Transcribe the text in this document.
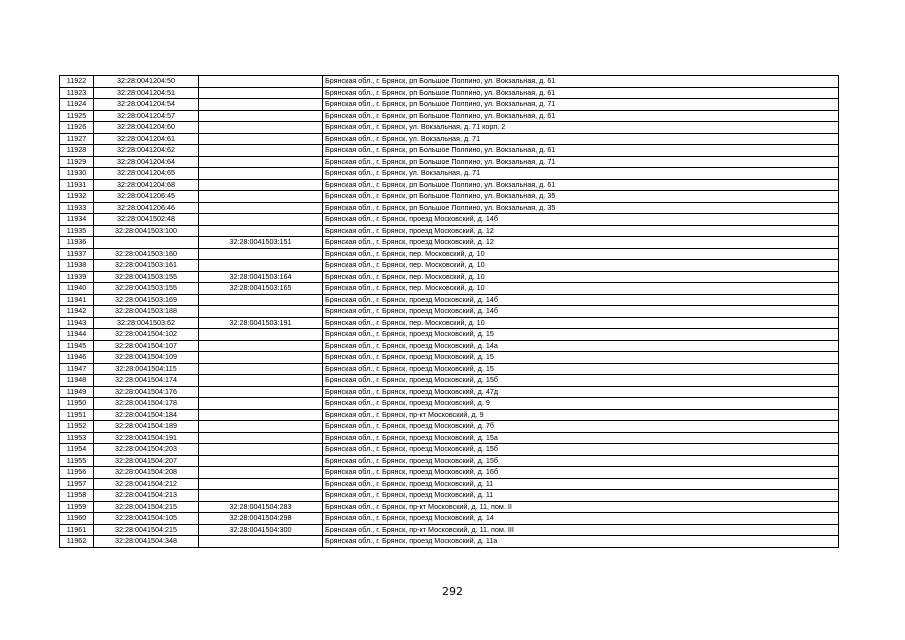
11922	32:28:0041204:50		Брянская обл., г. Брянск, рп Большое Полпино, ул. Вокзальная, д. 61
11923	32:28:0041204:51		Брянская обл., г. Брянск, рп Большое Полпино, ул. Вокзальная, д. 61
11924	32:28:0041204:54		Брянская обл., г. Брянск, рп Большое Полпино, ул. Вокзальная, д. 71
11925	32:28:0041204:57		Брянская обл., г. Брянск, рп Большое Полпино, ул. Вокзальная, д. 61
11926	32:28:0041204:60		Брянская обл., г. Брянск, ул. Вокзальная, д. 71 корп. 2
11927	32:28:0041204:61		Брянская обл., г. Брянск, ул. Вокзальная, д. 71
11928	32:28:0041204:62		Брянская обл., г. Брянск, рп Большое Полпино, ул. Вокзальная, д. 61
11929	32:28:0041204:64		Брянская обл., г. Брянск, рп Большое Полпино, ул. Вокзальная, д. 71
11930	32:28:0041204:65		Брянская обл., г. Брянск, ул. Вокзальная, д. 71
11931	32:28:0041204:68		Брянская обл., г. Брянск, рп Большое Полпино, ул. Вокзальная, д. 61
11932	32:28:0041206:45		Брянская обл., г. Брянск, рп Большое Полпино, ул. Вокзальная, д. 35
11933	32:28:0041206:46		Брянская обл., г. Брянск, рп Большое Полпино, ул. Вокзальная, д. 35
11934	32:28:0041502:48		Брянская обл., г. Брянск, проезд Московский, д. 14б
11935	32:28:0041503:100		Брянская обл., г. Брянск, проезд Московский, д. 12
11936		32:28:0041503:151	Брянская обл., г. Брянск, проезд Московский, д. 12
11937	32:28:0041503:160		Брянская обл., г. Брянск, пер. Московский, д. 10
11938	32:28:0041503:161		Брянская обл., г. Брянск, пер. Московский, д. 10
11939	32:28:0041503:155	32:28:0041503:164	Брянская обл., г. Брянск, пер. Московский, д. 10
11940	32:28:0041503:155	32:28:0041503:165	Брянская обл., г. Брянск, пер. Московский, д. 10
11941	32:28:0041503:169		Брянская обл., г. Брянск, проезд Московский, д. 14б
11942	32:28:0041503:188		Брянская обл., г. Брянск, проезд Московский, д. 14б
11943	32:28:0041503:62	32:28:0041503:191	Брянская обл., г. Брянск, пер. Московский, д. 10
11944	32:28:0041504:102		Брянская обл., г. Брянск, проезд Московский, д. 15
11945	32:28:0041504:107		Брянская обл., г. Брянск, проезд Московский, д. 14а
11946	32:28:0041504:109		Брянская обл., г. Брянск, проезд Московский, д. 15
11947	32:28:0041504:115		Брянская обл., г. Брянск, проезд Московский, д. 15
11948	32:28:0041504:174		Брянская обл., г. Брянск, проезд Московский, д. 15б
11949	32:28:0041504:176		Брянская обл., г. Брянск, проезд Московский, д. 47д
11950	32:28:0041504:178		Брянская обл., г. Брянск, проезд Московский, д. 9
11951	32:28:0041504:184		Брянская обл., г. Брянск, пр-кт Московский, д. 9
11952	32:28:0041504:189		Брянская обл., г. Брянск, проезд Московский, д. 7б
11953	32:28:0041504:191		Брянская обл., г. Брянск, проезд Московский, д. 15а
11954	32:28:0041504:203		Брянская обл., г. Брянск, проезд Московский, д. 15б
11955	32:28:0041504:207		Брянская обл., г. Брянск, проезд Московский, д. 15б
11956	32:28:0041504:208		Брянская обл., г. Брянск, проезд Московский, д. 16б
11957	32:28:0041504:212		Брянская обл., г. Брянск, проезд Московский, д. 11
11958	32:28:0041504:213		Брянская обл., г. Брянск, проезд Московский, д. 11
11959	32:28:0041504:215	32:28:0041504:283	Брянская обл., г. Брянск, пр-кт Московский, д. 11, пом. II
11960	32:28:0041504:105	32:28:0041504:298	Брянская обл., г. Брянск, проезд Московский, д. 14
11961	32:28:0041504:215	32:28:0041504:300	Брянская обл., г. Брянск, пр-кт Московский, д. 11, пом. III
11962	32:28:0041504:348		Брянская обл., г. Брянск, проезд Московский, д. 11а
292
